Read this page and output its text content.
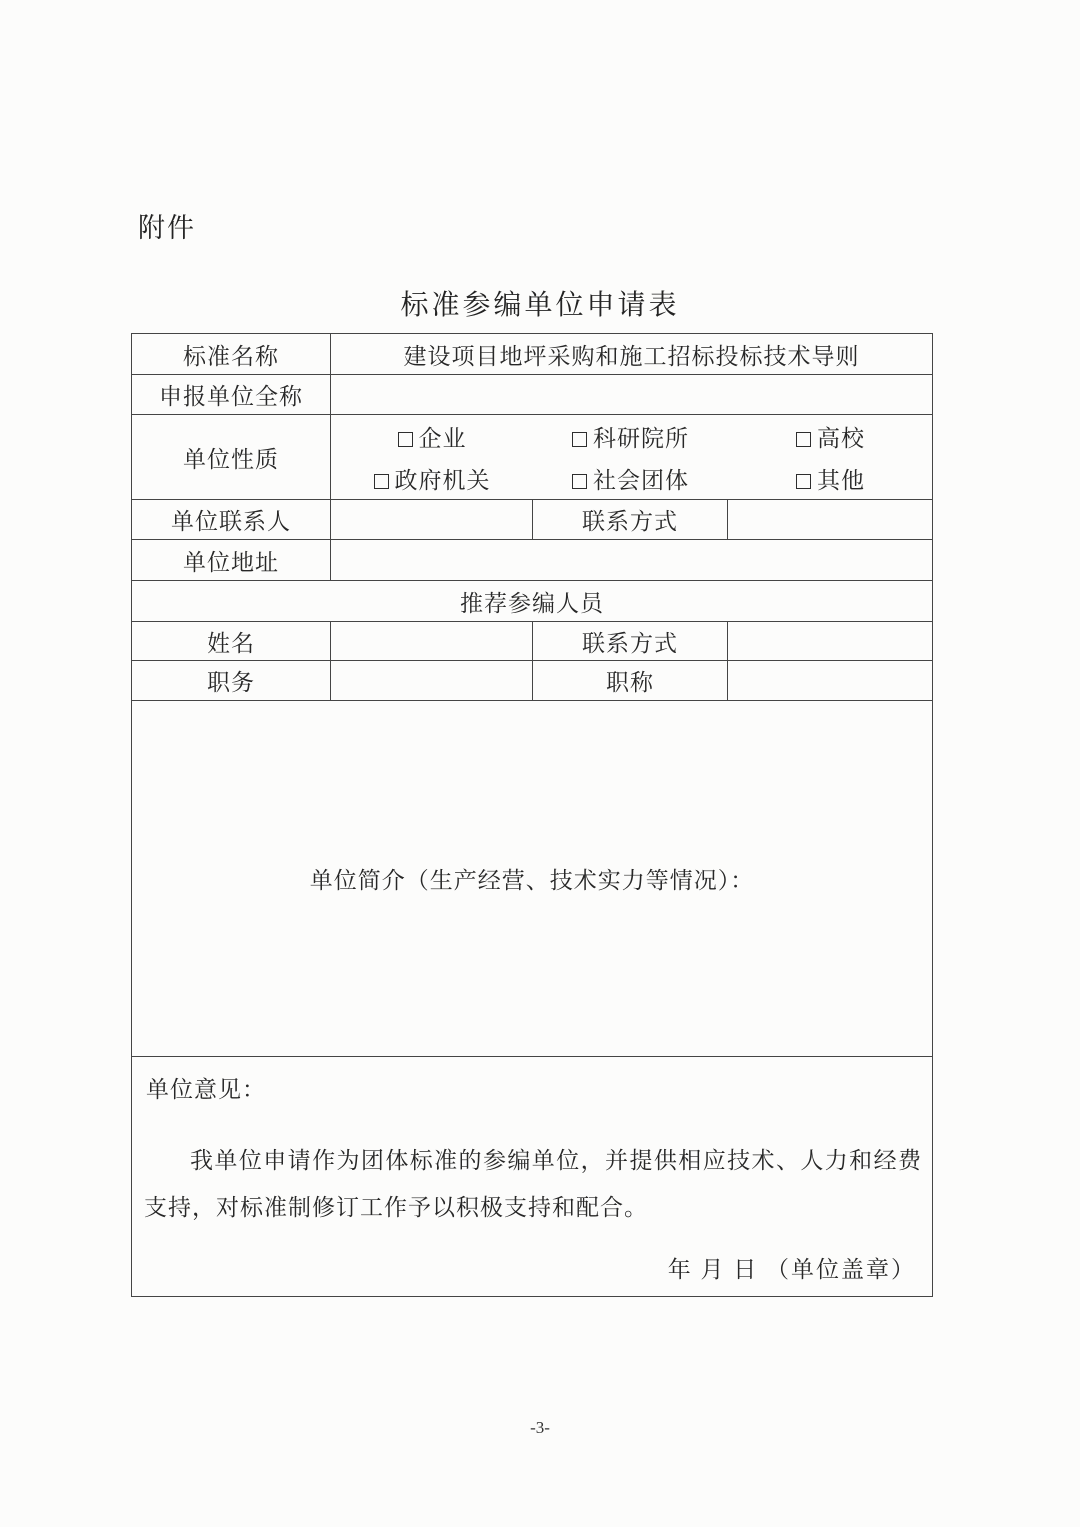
附件
标准参编单位申请表
标准名称	建设项目地坪采购和施工招标投标技术导则		
申报单位全称			
单位性质	
企业	科研院所	高校
政府机关	社会团体	其他

单位联系人		联系方式	
单位地址			
推荐参编人员			
姓名		联系方式	
职务		职称	
单位简介（生产经营、技术实力等情况）：			

单位意见：
我单位申请作为团体标准的参编单位，并提供相应技术、人力和经费支持，对标准制修订工作予以积极支持和配合。
年 月 日 （单位盖章）			
-3-
